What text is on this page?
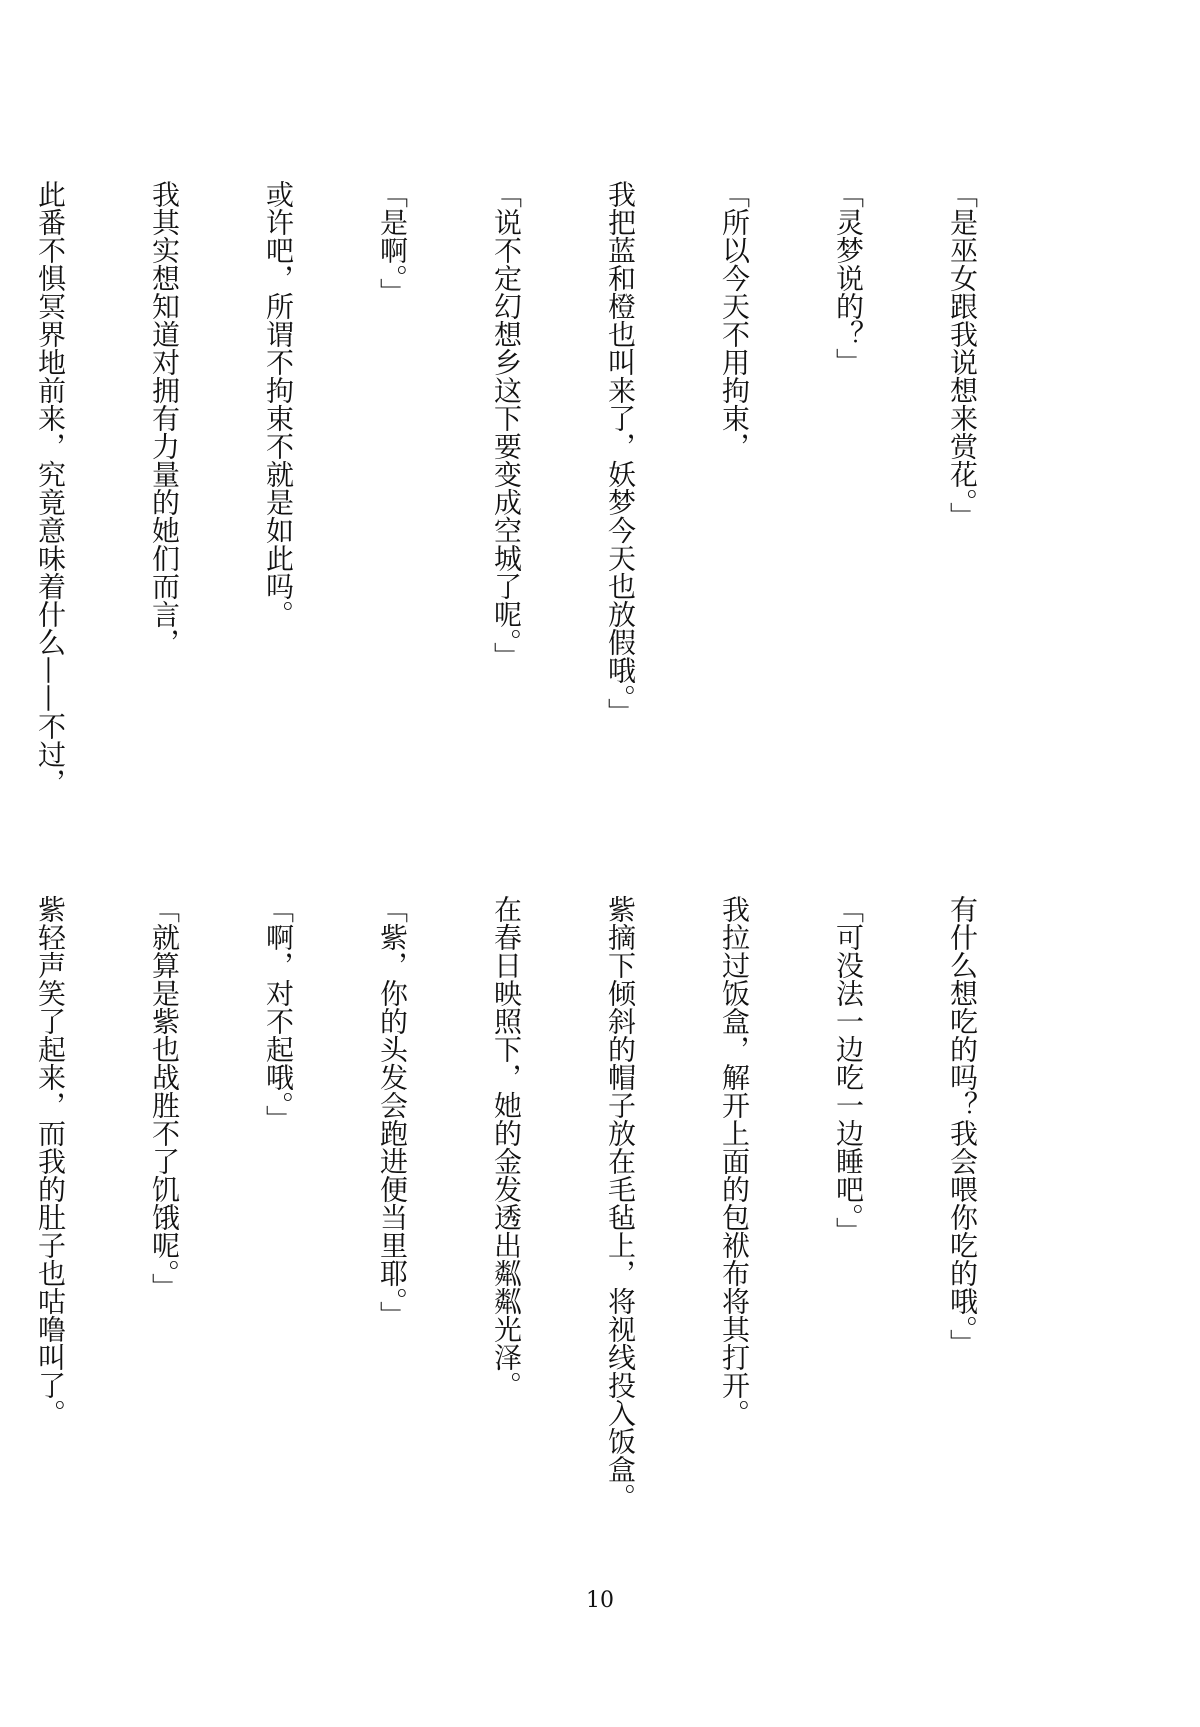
「是巫女跟我说想来赏花。」

「灵梦说的？」

「所以今天不用拘束，

我把蓝和橙也叫来了，妖梦今天也放假哦。」

「说不定幻想乡这下要变成空城了呢。」

「是啊。」

或许吧，所谓不拘束不就是如此吗。

我其实想知道对拥有力量的她们而言，

此番不惧冥界地前来，究竟意味着什么——不过，

有什么想吃的吗？我会喂你吃的哦。」

「可没法一边吃一边睡吧。」

我拉过饭盒，解开上面的包袱布将其打开。

紫摘下倾斜的帽子放在毛毡上，将视线投入饭盒。

在春日映照下，她的金发透出粼粼光泽。

「紫，你的头发会跑进便当里耶。」

「啊，对不起哦。」

「就算是紫也战胜不了饥饿呢。」

紫轻声笑了起来，而我的肚子也咕噜叫了。

10
